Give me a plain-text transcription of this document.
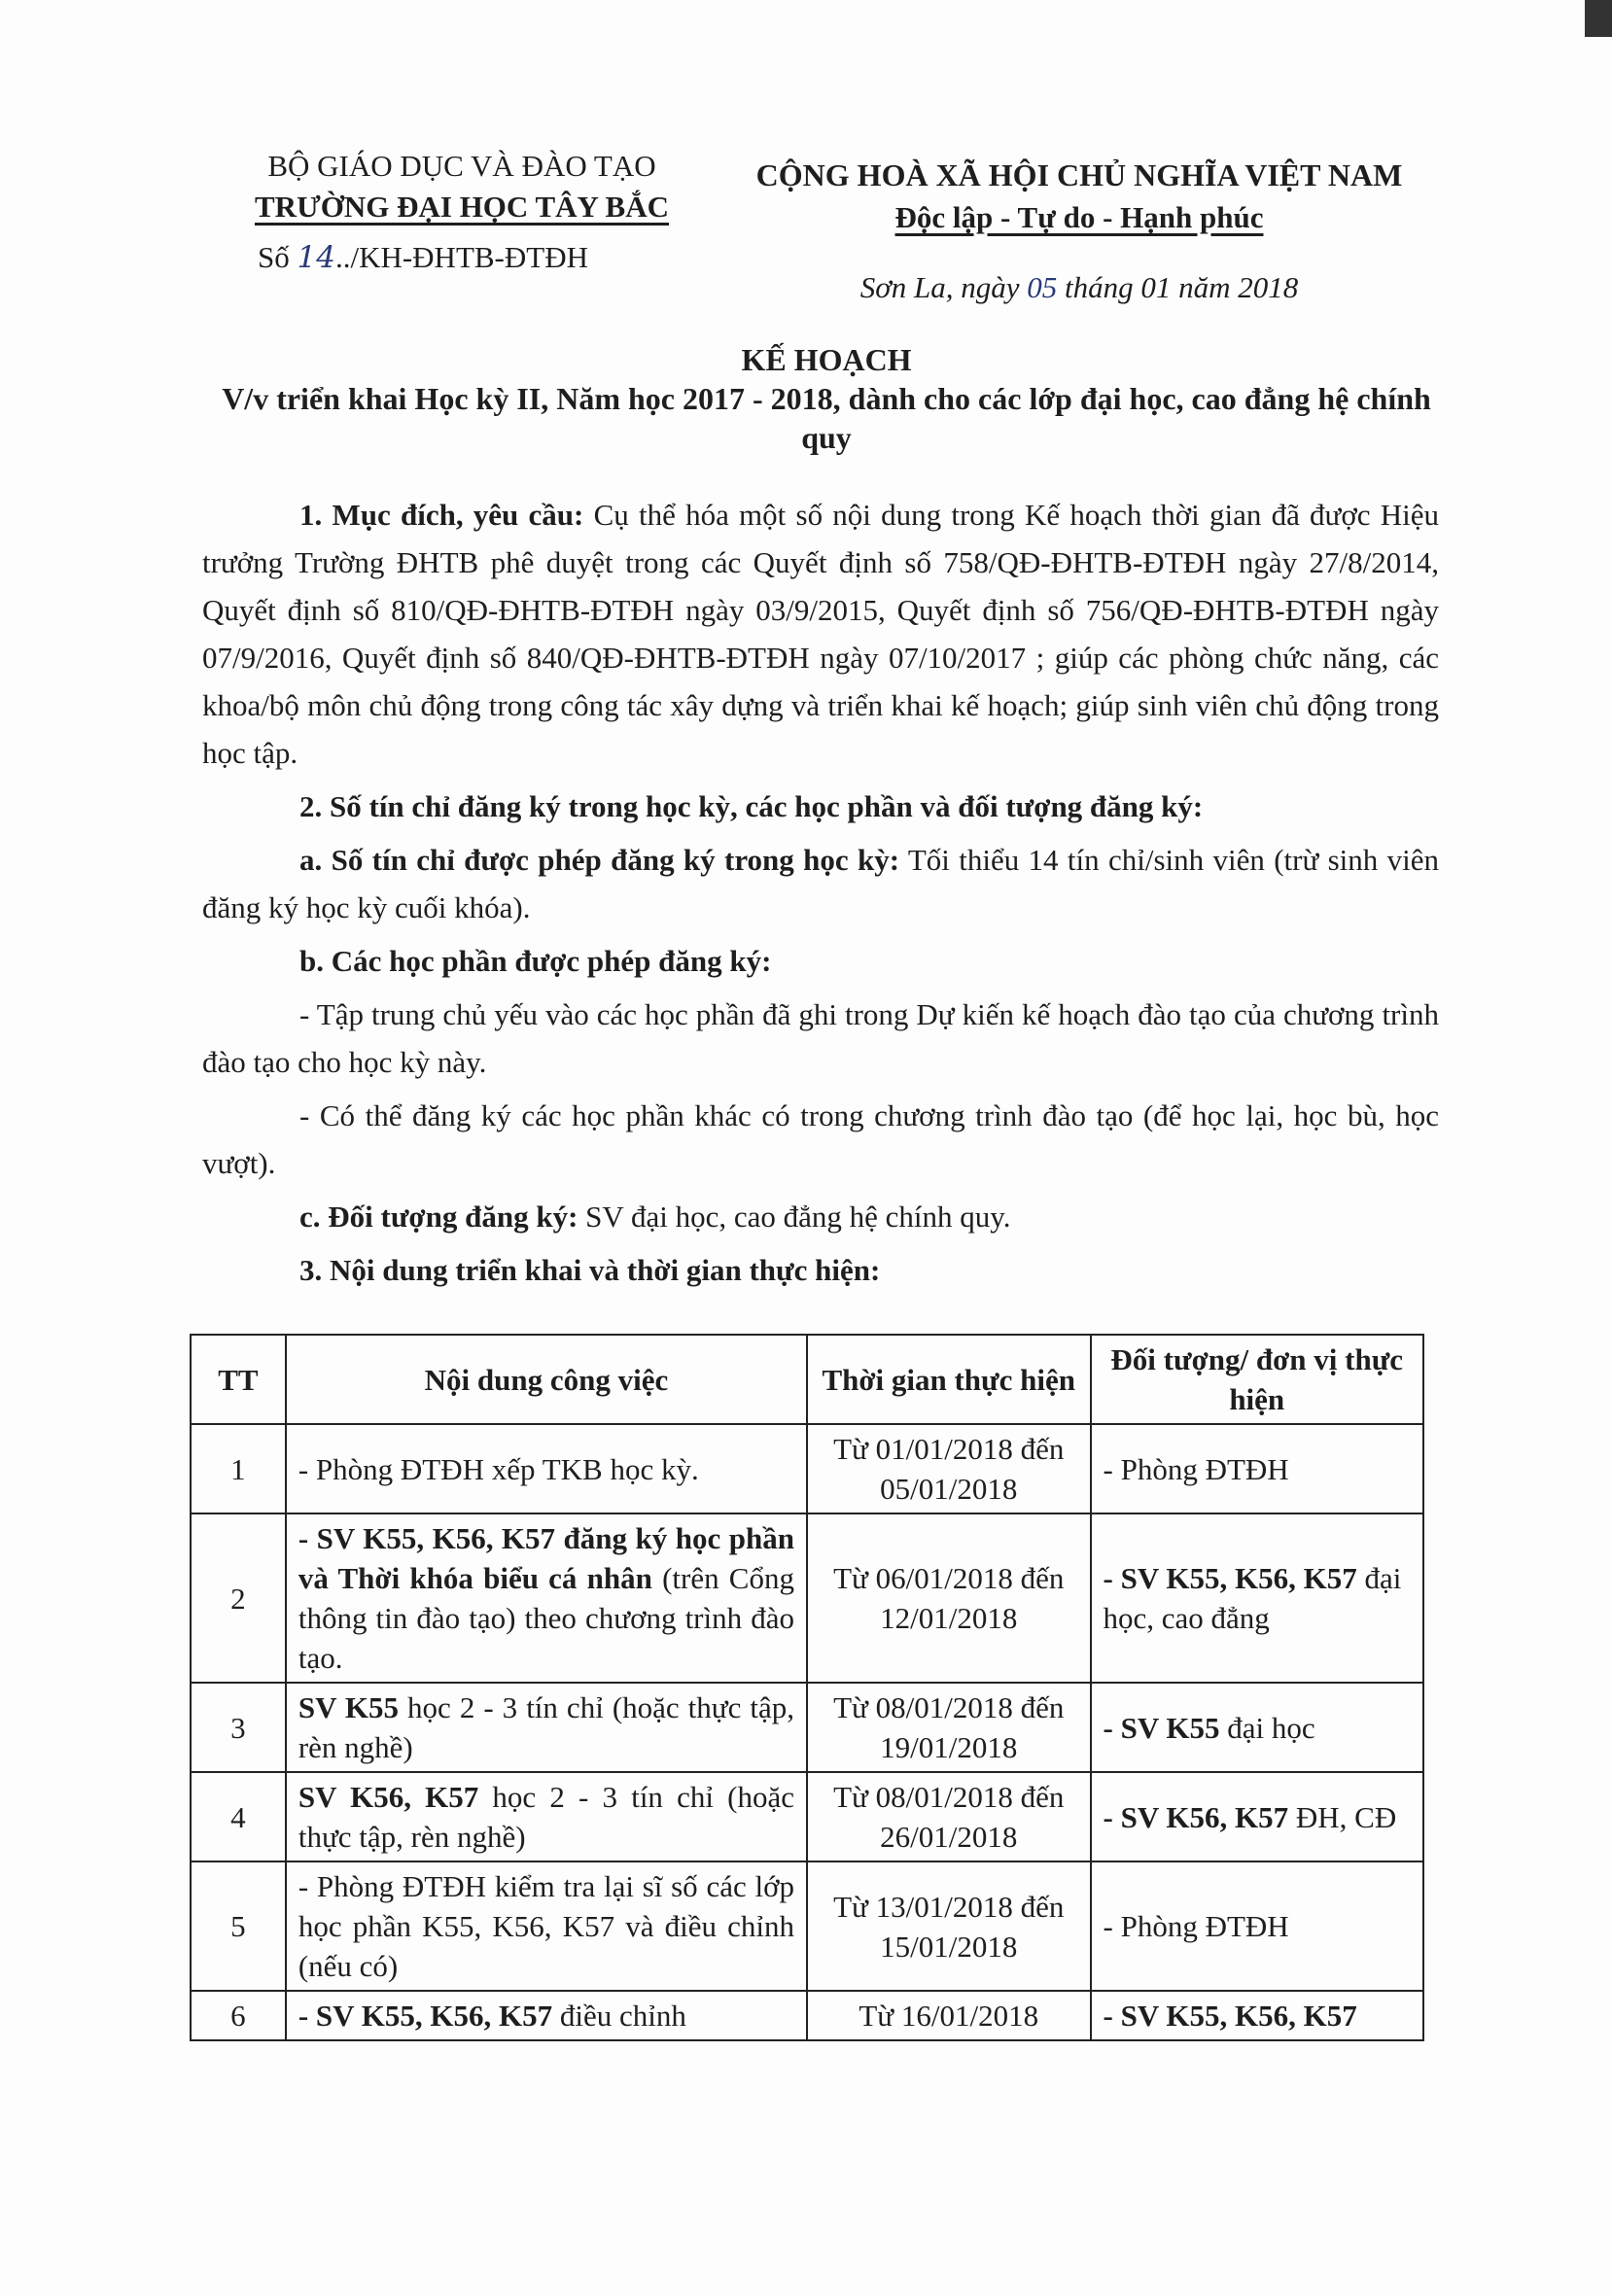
BỘ GIÁO DỤC VÀ ĐÀO TẠO
TRƯỜNG ĐẠI HỌC TÂY BẮC
Số 14../KH-ĐHTB-ĐTĐH
CỘNG HOÀ XÃ HỘI CHỦ NGHĨA VIỆT NAM
Độc lập - Tự do - Hạnh phúc
Sơn La, ngày 05 tháng 01 năm 2018
KẾ HOẠCH
V/v triển khai Học kỳ II, Năm học 2017 - 2018, dành cho các lớp đại học, cao đẳng hệ chính quy

1. Mục đích, yêu cầu: Cụ thể hóa một số nội dung trong Kế hoạch thời gian đã được Hiệu trưởng Trường ĐHTB phê duyệt trong các Quyết định số 758/QĐ-ĐHTB-ĐTĐH ngày 27/8/2014, Quyết định số 810/QĐ-ĐHTB-ĐTĐH ngày 03/9/2015, Quyết định số 756/QĐ-ĐHTB-ĐTĐH ngày 07/9/2016, Quyết định số 840/QĐ-ĐHTB-ĐTĐH ngày 07/10/2017 ; giúp các phòng chức năng, các khoa/bộ môn chủ động trong công tác xây dựng và triển khai kế hoạch; giúp sinh viên chủ động trong học tập.

2. Số tín chỉ đăng ký trong học kỳ, các học phần và đối tượng đăng ký:

a. Số tín chỉ được phép đăng ký trong học kỳ: Tối thiểu 14 tín chỉ/sinh viên (trừ sinh viên đăng ký học kỳ cuối khóa).

b. Các học phần được phép đăng ký:

- Tập trung chủ yếu vào các học phần đã ghi trong Dự kiến kế hoạch đào tạo của chương trình đào tạo cho học kỳ này.

- Có thể đăng ký các học phần khác có trong chương trình đào tạo (để học lại, học bù, học vượt).

c. Đối tượng đăng ký: SV đại học, cao đẳng hệ chính quy.

3. Nội dung triển khai và thời gian thực hiện:

TT	Nội dung công việc	Thời gian thực hiện	Đối tượng/ đơn vị thực hiện
1	- Phòng ĐTĐH xếp TKB học kỳ.	Từ 01/01/2018 đến 05/01/2018	- Phòng ĐTĐH
2	- SV K55, K56, K57 đăng ký học phần và Thời khóa biểu cá nhân (trên Cổng thông tin đào tạo) theo chương trình đào tạo.	Từ 06/01/2018 đến 12/01/2018	- SV K55, K56, K57 đại học, cao đẳng
3	SV K55 học 2 - 3 tín chỉ (hoặc thực tập, rèn nghề)	Từ 08/01/2018 đến 19/01/2018	- SV K55 đại học
4	SV K56, K57 học 2 - 3 tín chỉ (hoặc thực tập, rèn nghề)	Từ 08/01/2018 đến 26/01/2018	- SV K56, K57 ĐH, CĐ
5	- Phòng ĐTĐH kiểm tra lại sĩ số các lớp học phần K55, K56, K57 và điều chỉnh (nếu có)	Từ 13/01/2018 đến 15/01/2018	- Phòng ĐTĐH
6	- SV K55, K56, K57 điều chỉnh	Từ 16/01/2018	- SV K55, K56, K57
